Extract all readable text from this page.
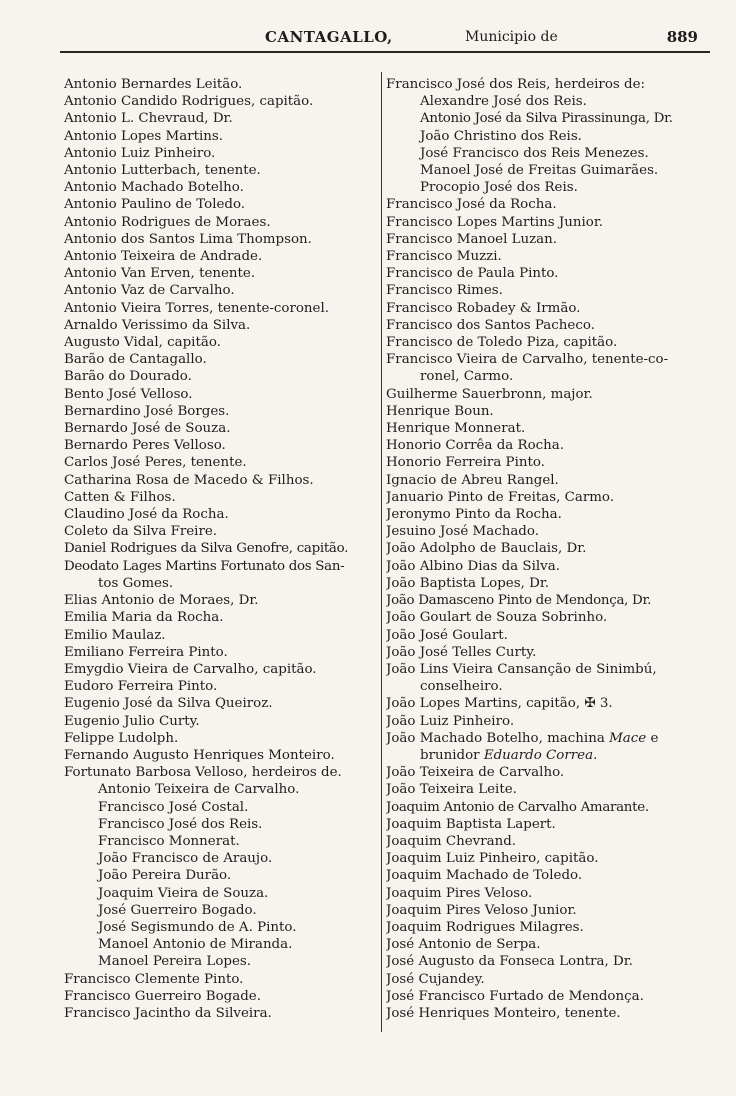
CANTAGALLO,	Municipio de	889
Antonio Bernardes Leitão.
Antonio Candido Rodrigues, capitão.
Antonio L. Chevraud, Dr.
Antonio Lopes Martins.
Antonio Luiz Pinheiro.
Antonio Lutterbach, tenente.
Antonio Machado Botelho.
Antonio Paulino de Toledo.
Antonio Rodrigues de Moraes.
Antonio dos Santos Lima Thompson.
Antonio Teixeira de Andrade.
Antonio Van Erven, tenente.
Antonio Vaz de Carvalho.
Antonio Vieira Torres, tenente-coronel.
Arnaldo Verissimo da Silva.
Augusto Vidal, capitão.
Barão de Cantagallo.
Barão do Dourado.
Bento José Velloso.
Bernardino José Borges.
Bernardo José de Souza.
Bernardo Peres Velloso.
Carlos José Peres, tenente.
Catharina Rosa de Macedo & Filhos.
Catten & Filhos.
Claudino José da Rocha.
Coleto da Silva Freire.
Daniel Rodrigues da Silva Genofre, capitão.
Deodato Lages Martins Fortunato dos San-
tos Gomes.
Elias Antonio de Moraes, Dr.
Emilia Maria da Rocha.
Emilio Maulaz.
Emiliano Ferreira Pinto.
Emygdio Vieira de Carvalho, capitão.
Eudoro Ferreira Pinto.
Eugenio José da Silva Queiroz.
Eugenio Julio Curty.
Felippe Ludolph.
Fernando Augusto Henriques Monteiro.
Fortunato Barbosa Velloso, herdeiros de.
Antonio Teixeira de Carvalho.
Francisco José Costal.
Francisco José dos Reis.
Francisco Monnerat.
João Francisco de Araujo.
João Pereira Durão.
Joaquim Vieira de Souza.
José Guerreiro Bogado.
José Segismundo de A. Pinto.
Manoel Antonio de Miranda.
Manoel Pereira Lopes.
Francisco Clemente Pinto.
Francisco Guerreiro Bogade.
Francisco Jacintho da Silveira.
Francisco José dos Reis, herdeiros de:
Alexandre José dos Reis.
Antonio José da Silva Pirassinunga, Dr.
João Christino dos Reis.
José Francisco dos Reis Menezes.
Manoel José de Freitas Guimarães.
Procopio José dos Reis.
Francisco José da Rocha.
Francisco Lopes Martins Junior.
Francisco Manoel Luzan.
Francisco Muzzi.
Francisco de Paula Pinto.
Francisco Rimes.
Francisco Robadey & Irmão.
Francisco dos Santos Pacheco.
Francisco de Toledo Piza, capitão.
Francisco Vieira de Carvalho, tenente-co-
ronel, Carmo.
Guilherme Sauerbronn, major.
Henrique Boun.
Henrique Monnerat.
Honorio Corrêa da Rocha.
Honorio Ferreira Pinto.
Ignacio de Abreu Rangel.
Januario Pinto de Freitas, Carmo.
Jeronymo Pinto da Rocha.
Jesuino José Machado.
João Adolpho de Bauclais, Dr.
João Albino Dias da Silva.
João Baptista Lopes, Dr.
João Damasceno Pinto de Mendonça, Dr.
João Goulart de Souza Sobrinho.
João José Goulart.
João José Telles Curty.
João Lins Vieira Cansanção de Sinimbú,
conselheiro.
João Lopes Martins, capitão, ✠ 3.
João Luiz Pinheiro.
João Machado Botelho, machina Mace e
brunidor Eduardo Correa.
João Teixeira de Carvalho.
João Teixeira Leite.
Joaquim Antonio de Carvalho Amarante.
Joaquim Baptista Lapert.
Joaquim Chevrand.
Joaquim Luiz Pinheiro, capitão.
Joaquim Machado de Toledo.
Joaquim Pires Veloso.
Joaquim Pires Veloso Junior.
Joaquim Rodrigues Milagres.
José Antonio de Serpa.
José Augusto da Fonseca Lontra, Dr.
José Cujandey.
José Francisco Furtado de Mendonça.
José Henriques Monteiro, tenente.
